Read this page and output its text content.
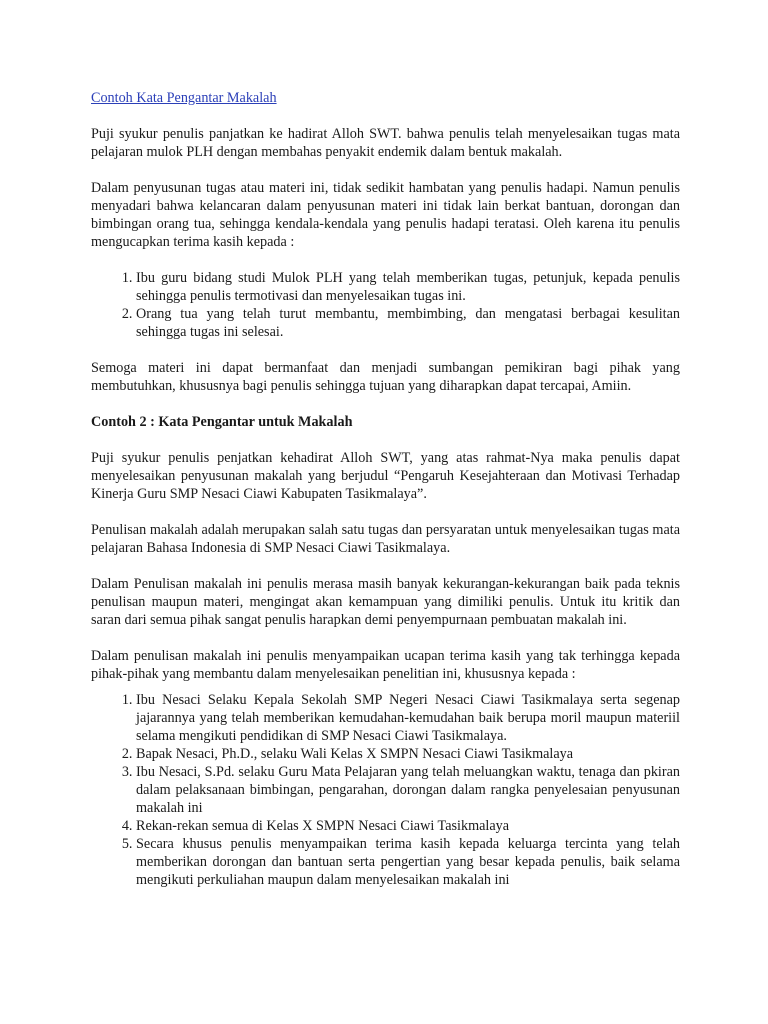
Contoh Kata Pengantar Makalah

Puji syukur penulis panjatkan ke hadirat Alloh SWT. bahwa penulis telah menyelesaikan tugas mata pelajaran mulok PLH dengan membahas penyakit endemik dalam bentuk makalah.

Dalam penyusunan tugas atau materi ini, tidak sedikit hambatan yang penulis hadapi. Namun penulis menyadari bahwa kelancaran dalam penyusunan materi ini tidak lain berkat bantuan, dorongan dan bimbingan orang tua, sehingga kendala-kendala yang penulis hadapi teratasi. Oleh karena itu penulis mengucapkan terima kasih kepada :

1. Ibu guru bidang studi Mulok PLH yang telah memberikan tugas, petunjuk, kepada penulis sehingga penulis termotivasi dan menyelesaikan tugas ini.
2. Orang tua yang telah turut membantu, membimbing, dan mengatasi berbagai kesulitan sehingga tugas ini selesai.

Semoga materi ini dapat bermanfaat dan menjadi sumbangan pemikiran bagi pihak yang membutuhkan, khususnya bagi penulis sehingga tujuan yang diharapkan dapat tercapai, Amiin.

Contoh 2 : Kata Pengantar untuk Makalah

Puji syukur penulis penjatkan kehadirat Alloh SWT, yang atas rahmat-Nya maka penulis dapat menyelesaikan penyusunan makalah yang berjudul “Pengaruh Kesejahteraan dan Motivasi Terhadap Kinerja Guru SMP Nesaci Ciawi Kabupaten Tasikmalaya”.

Penulisan makalah adalah merupakan salah satu tugas dan persyaratan untuk menyelesaikan tugas mata pelajaran Bahasa Indonesia di SMP Nesaci Ciawi Tasikmalaya.

Dalam Penulisan makalah ini penulis merasa masih banyak kekurangan-kekurangan baik pada teknis penulisan maupun materi, mengingat akan kemampuan yang dimiliki penulis. Untuk itu kritik dan saran dari semua pihak sangat penulis harapkan demi penyempurnaan pembuatan makalah ini.

Dalam penulisan makalah ini penulis menyampaikan ucapan terima kasih yang tak terhingga kepada pihak-pihak yang membantu dalam menyelesaikan penelitian ini, khususnya kepada :

1. Ibu Nesaci Selaku Kepala Sekolah SMP Negeri Nesaci Ciawi Tasikmalaya serta segenap jajarannya yang telah memberikan kemudahan-kemudahan baik berupa moril maupun materiil selama mengikuti pendidikan di SMP Nesaci Ciawi Tasikmalaya.
2. Bapak Nesaci, Ph.D., selaku Wali Kelas X SMPN Nesaci Ciawi Tasikmalaya
3. Ibu Nesaci, S.Pd. selaku Guru Mata Pelajaran yang telah meluangkan waktu, tenaga dan pkiran dalam pelaksanaan bimbingan, pengarahan, dorongan dalam rangka penyelesaian penyusunan makalah ini
4. Rekan-rekan semua di Kelas X SMPN Nesaci Ciawi Tasikmalaya
5. Secara khusus penulis menyampaikan terima kasih kepada keluarga tercinta yang telah memberikan dorongan dan bantuan serta pengertian yang besar kepada penulis, baik selama mengikuti perkuliahan maupun dalam menyelesaikan makalah ini
